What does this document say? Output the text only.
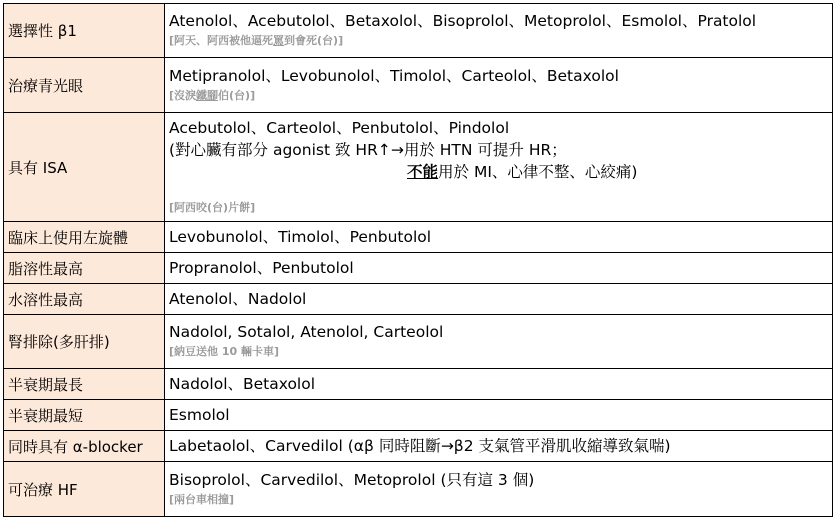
選擇性 β1	Atenolol、Acebutolol、Betaxolol、Bisoprolol、Metoprolol、Esmolol、Pratolol
[阿天、阿西被他逼死罵到會死(台)]

治療青光眼	Metipranolol、Levobunolol、Timolol、Carteolol、Betaxolol
[沒淚鐵腳伯(台)]

具有 ISA	Acebutolol、Carteolol、Penbutolol、Pindolol
(對心臟有部分 agonist 致 HR↑→用於 HTN 可提升 HR；
不能用於 MI、心律不整、心絞痛)
[阿西咬(台)片餅]

臨床上使用左旋體	Levobunolol、Timolol、Penbutolol

脂溶性最高	Propranolol、Penbutolol

水溶性最高	Atenolol、Nadolol

腎排除(多肝排)	Nadolol, Sotalol, Atenolol, Carteolol
[納豆送他 10 輛卡車]

半衰期最長	Nadolol、Betaxolol

半衰期最短	Esmolol

同時具有 α-blocker	Labetaolol、Carvedilol (αβ 同時阻斷→β2 支氣管平滑肌收縮導致氣喘)

可治療 HF	Bisoprolol、Carvedilol、Metoprolol (只有這 3 個)
[兩台車相撞]
